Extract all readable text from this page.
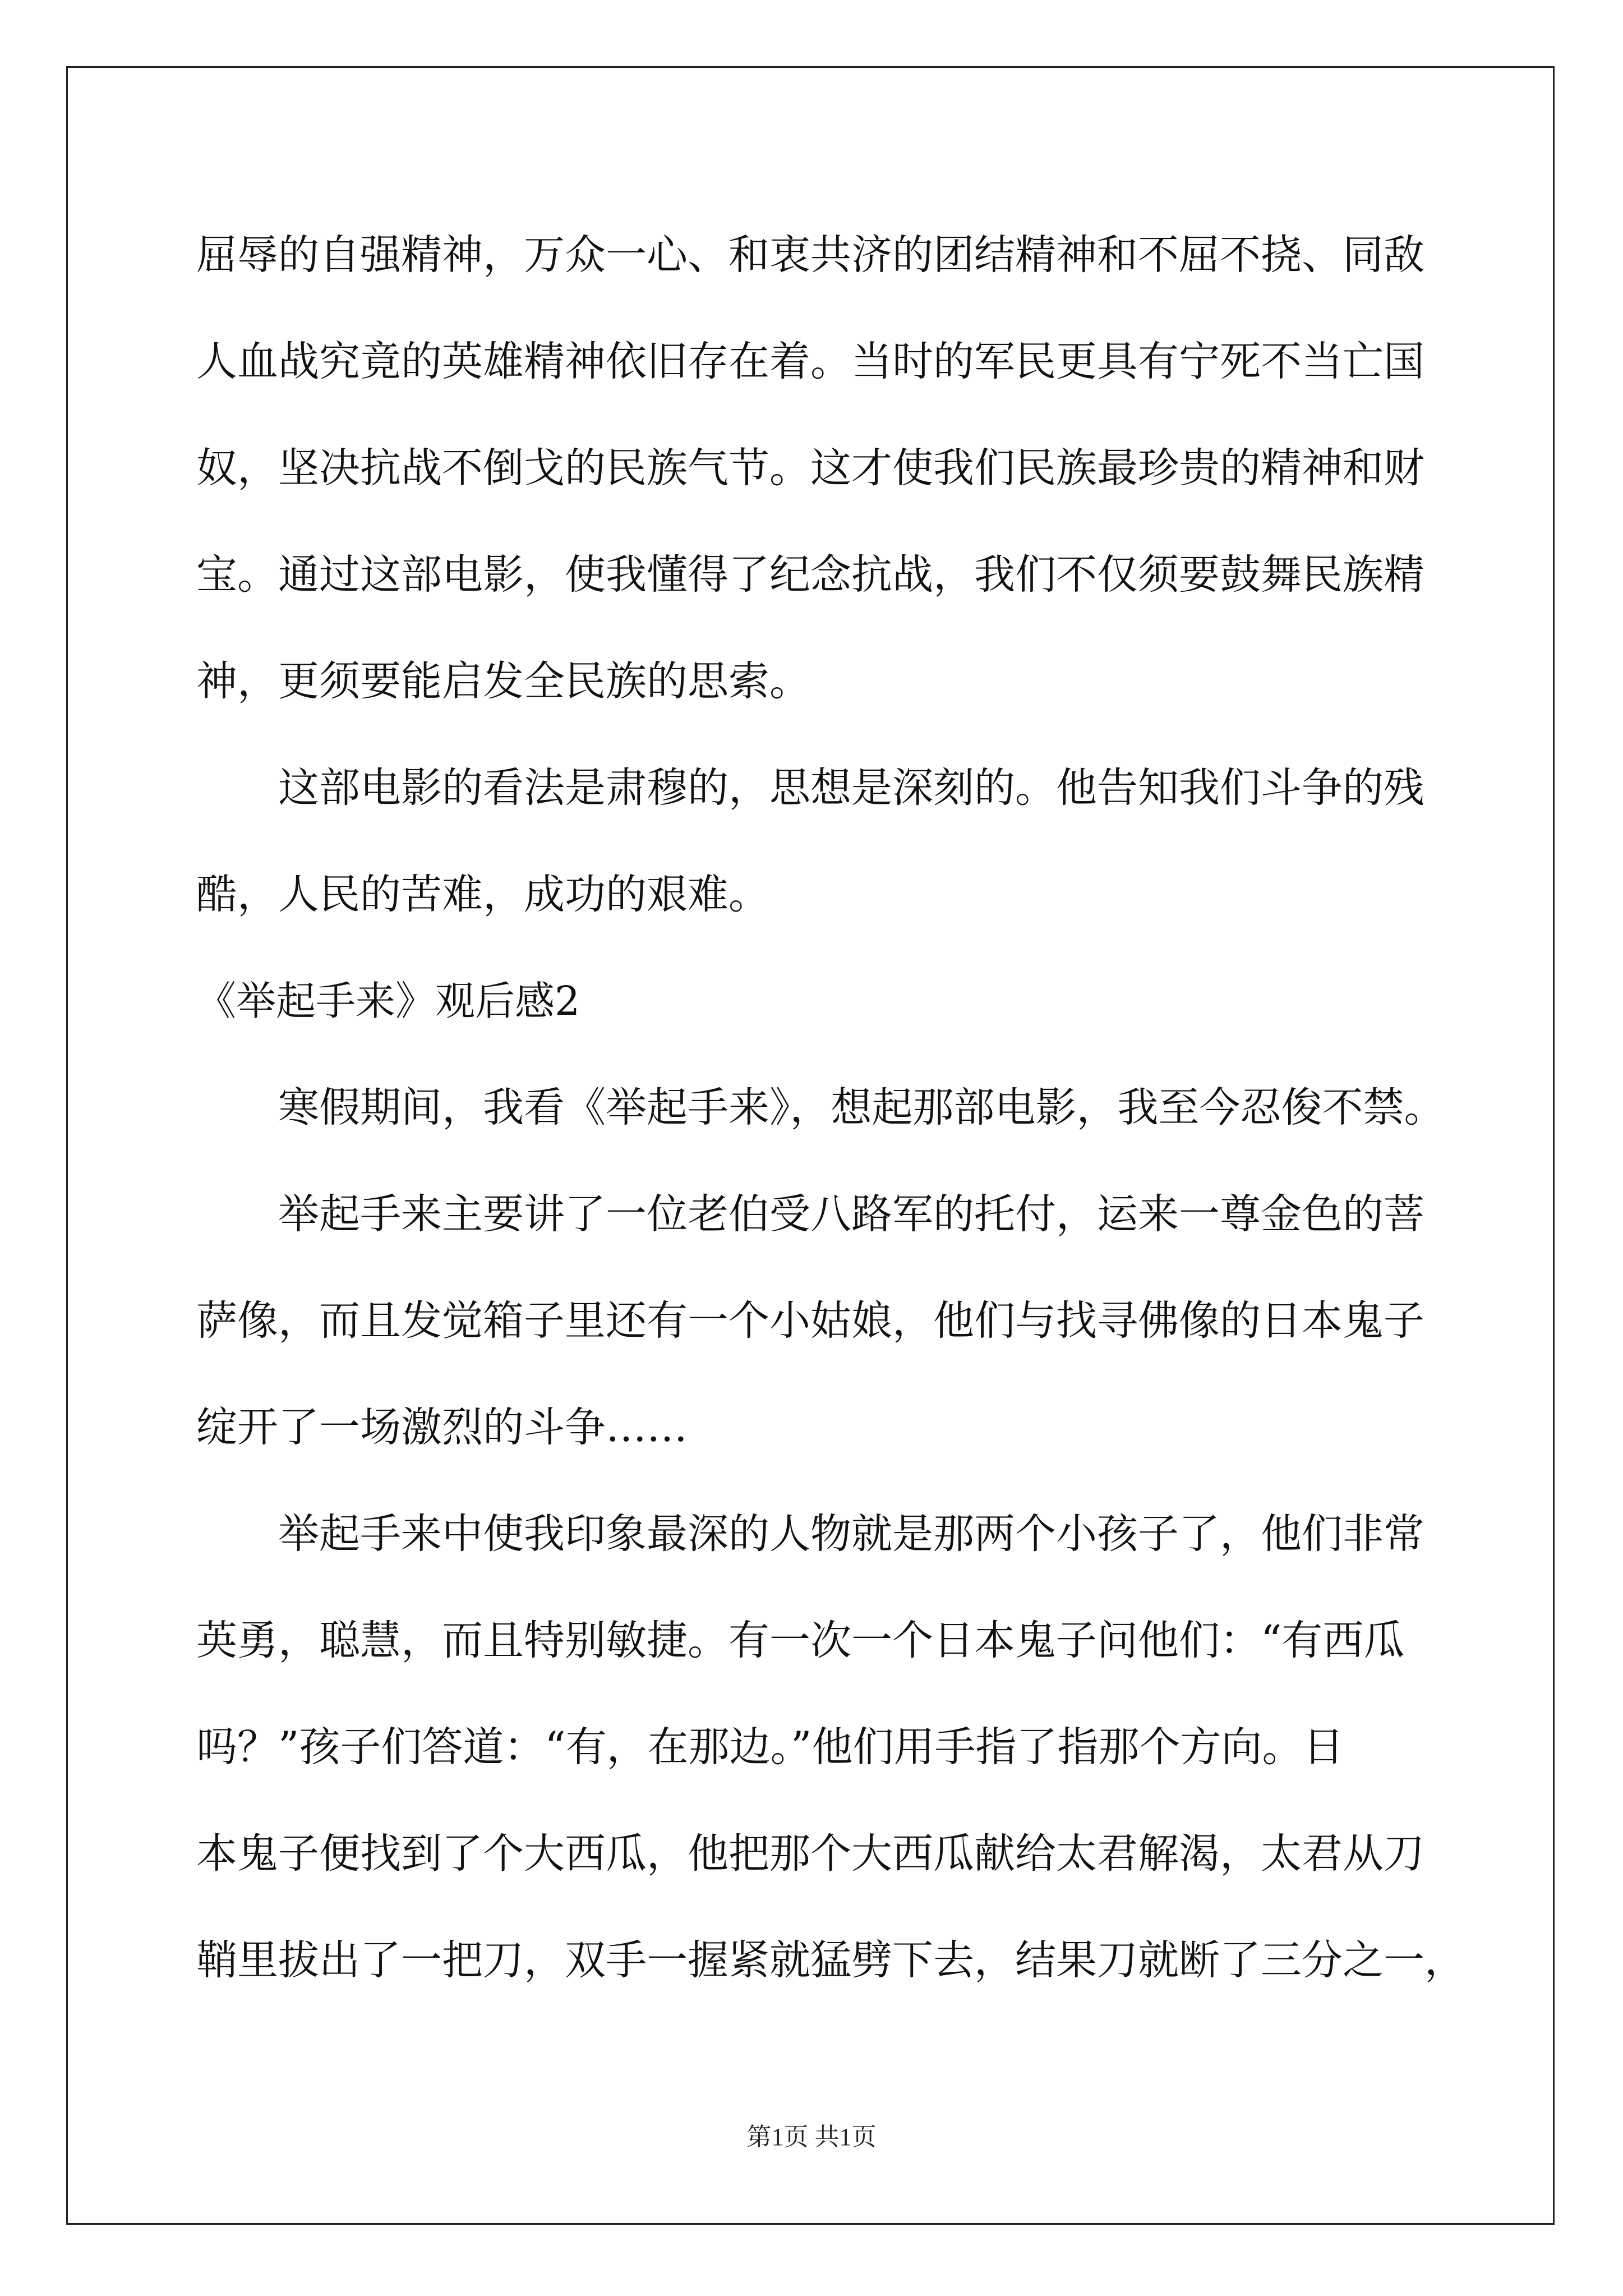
屈辱的自强精神，万众一心、和衷共济的团结精神和不屈不挠、同敌
人血战究竟的英雄精神依旧存在着。当时的军民更具有宁死不当亡国
奴，坚决抗战不倒戈的民族气节。这才使我们民族最珍贵的精神和财
宝。通过这部电影，使我懂得了纪念抗战，我们不仅须要鼓舞民族精
神，更须要能启发全民族的思索。
这部电影的看法是肃穆的，思想是深刻的。他告知我们斗争的残
酷，人民的苦难，成功的艰难。
《举起手来》观后感2
寒假期间，我看《举起手来》，想起那部电影，我至今忍俊不禁。
举起手来主要讲了一位老伯受八路军的托付，运来一尊金色的菩
萨像，而且发觉箱子里还有一个小姑娘，他们与找寻佛像的日本鬼子
绽开了一场激烈的斗争……
举起手来中使我印象最深的人物就是那两个小孩子了，他们非常
英勇，聪慧，而且特别敏捷。有一次一个日本鬼子问他们：“有西瓜
吗？”孩子们答道：“有，在那边。”他们用手指了指那个方向。日
本鬼子便找到了个大西瓜，他把那个大西瓜献给太君解渴，太君从刀
鞘里拔出了一把刀，双手一握紧就猛劈下去，结果刀就断了三分之一，
第1页 共1页
